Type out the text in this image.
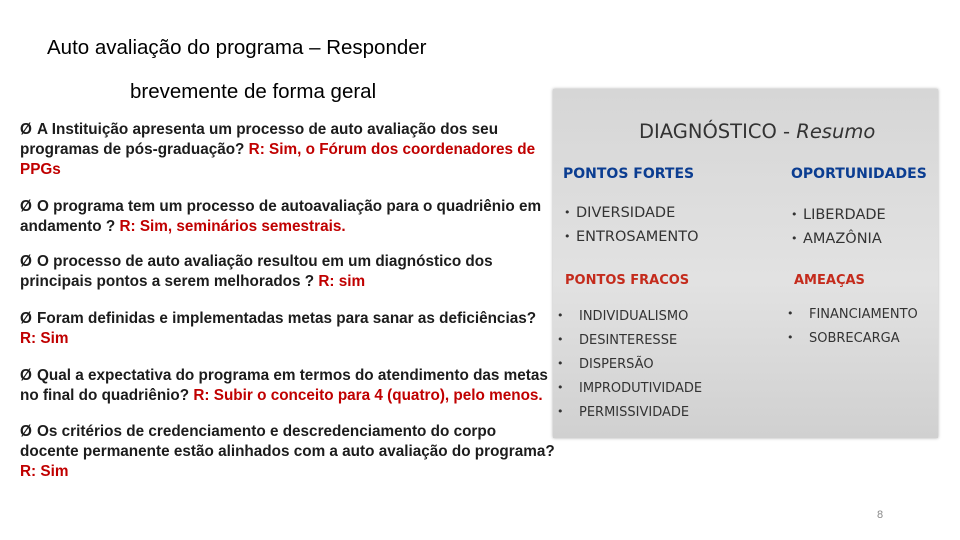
Auto avaliação do programa – Responder
brevemente de forma geral
Ø A Instituição apresenta um processo de auto avaliação dos seu programas de pós-graduação? R: Sim, o Fórum dos coordenadores de PPGs
Ø O programa tem um processo de autoavaliação para o quadriênio em andamento ? R: Sim, seminários semestrais.
Ø O processo de auto avaliação resultou em um diagnóstico dos principais pontos a serem melhorados ? R: sim
Ø Foram definidas e implementadas metas para sanar as deficiências? R: Sim
Ø Qual a expectativa do programa em termos do atendimento das metas no final do quadriênio? R: Subir o conceito para 4 (quatro), pelo menos.
Ø Os critérios de credenciamento e descredenciamento do corpo docente permanente estão alinhados com a auto avaliação do programa? R: Sim
DIAGNÓSTICO - Resumo
PONTOS FORTES
• DIVERSIDADE
• ENTROSAMENTO
OPORTUNIDADES
• LIBERDADE
• AMAZÔNIA
PONTOS FRACOS
• INDIVIDUALISMO
• DESINTERESSE
• DISPERSÃO
• IMPRODUTIVIDADE
• PERMISSIVIDADE
AMEAÇAS
• FINANCIAMENTO
• SOBRECARGA
8
